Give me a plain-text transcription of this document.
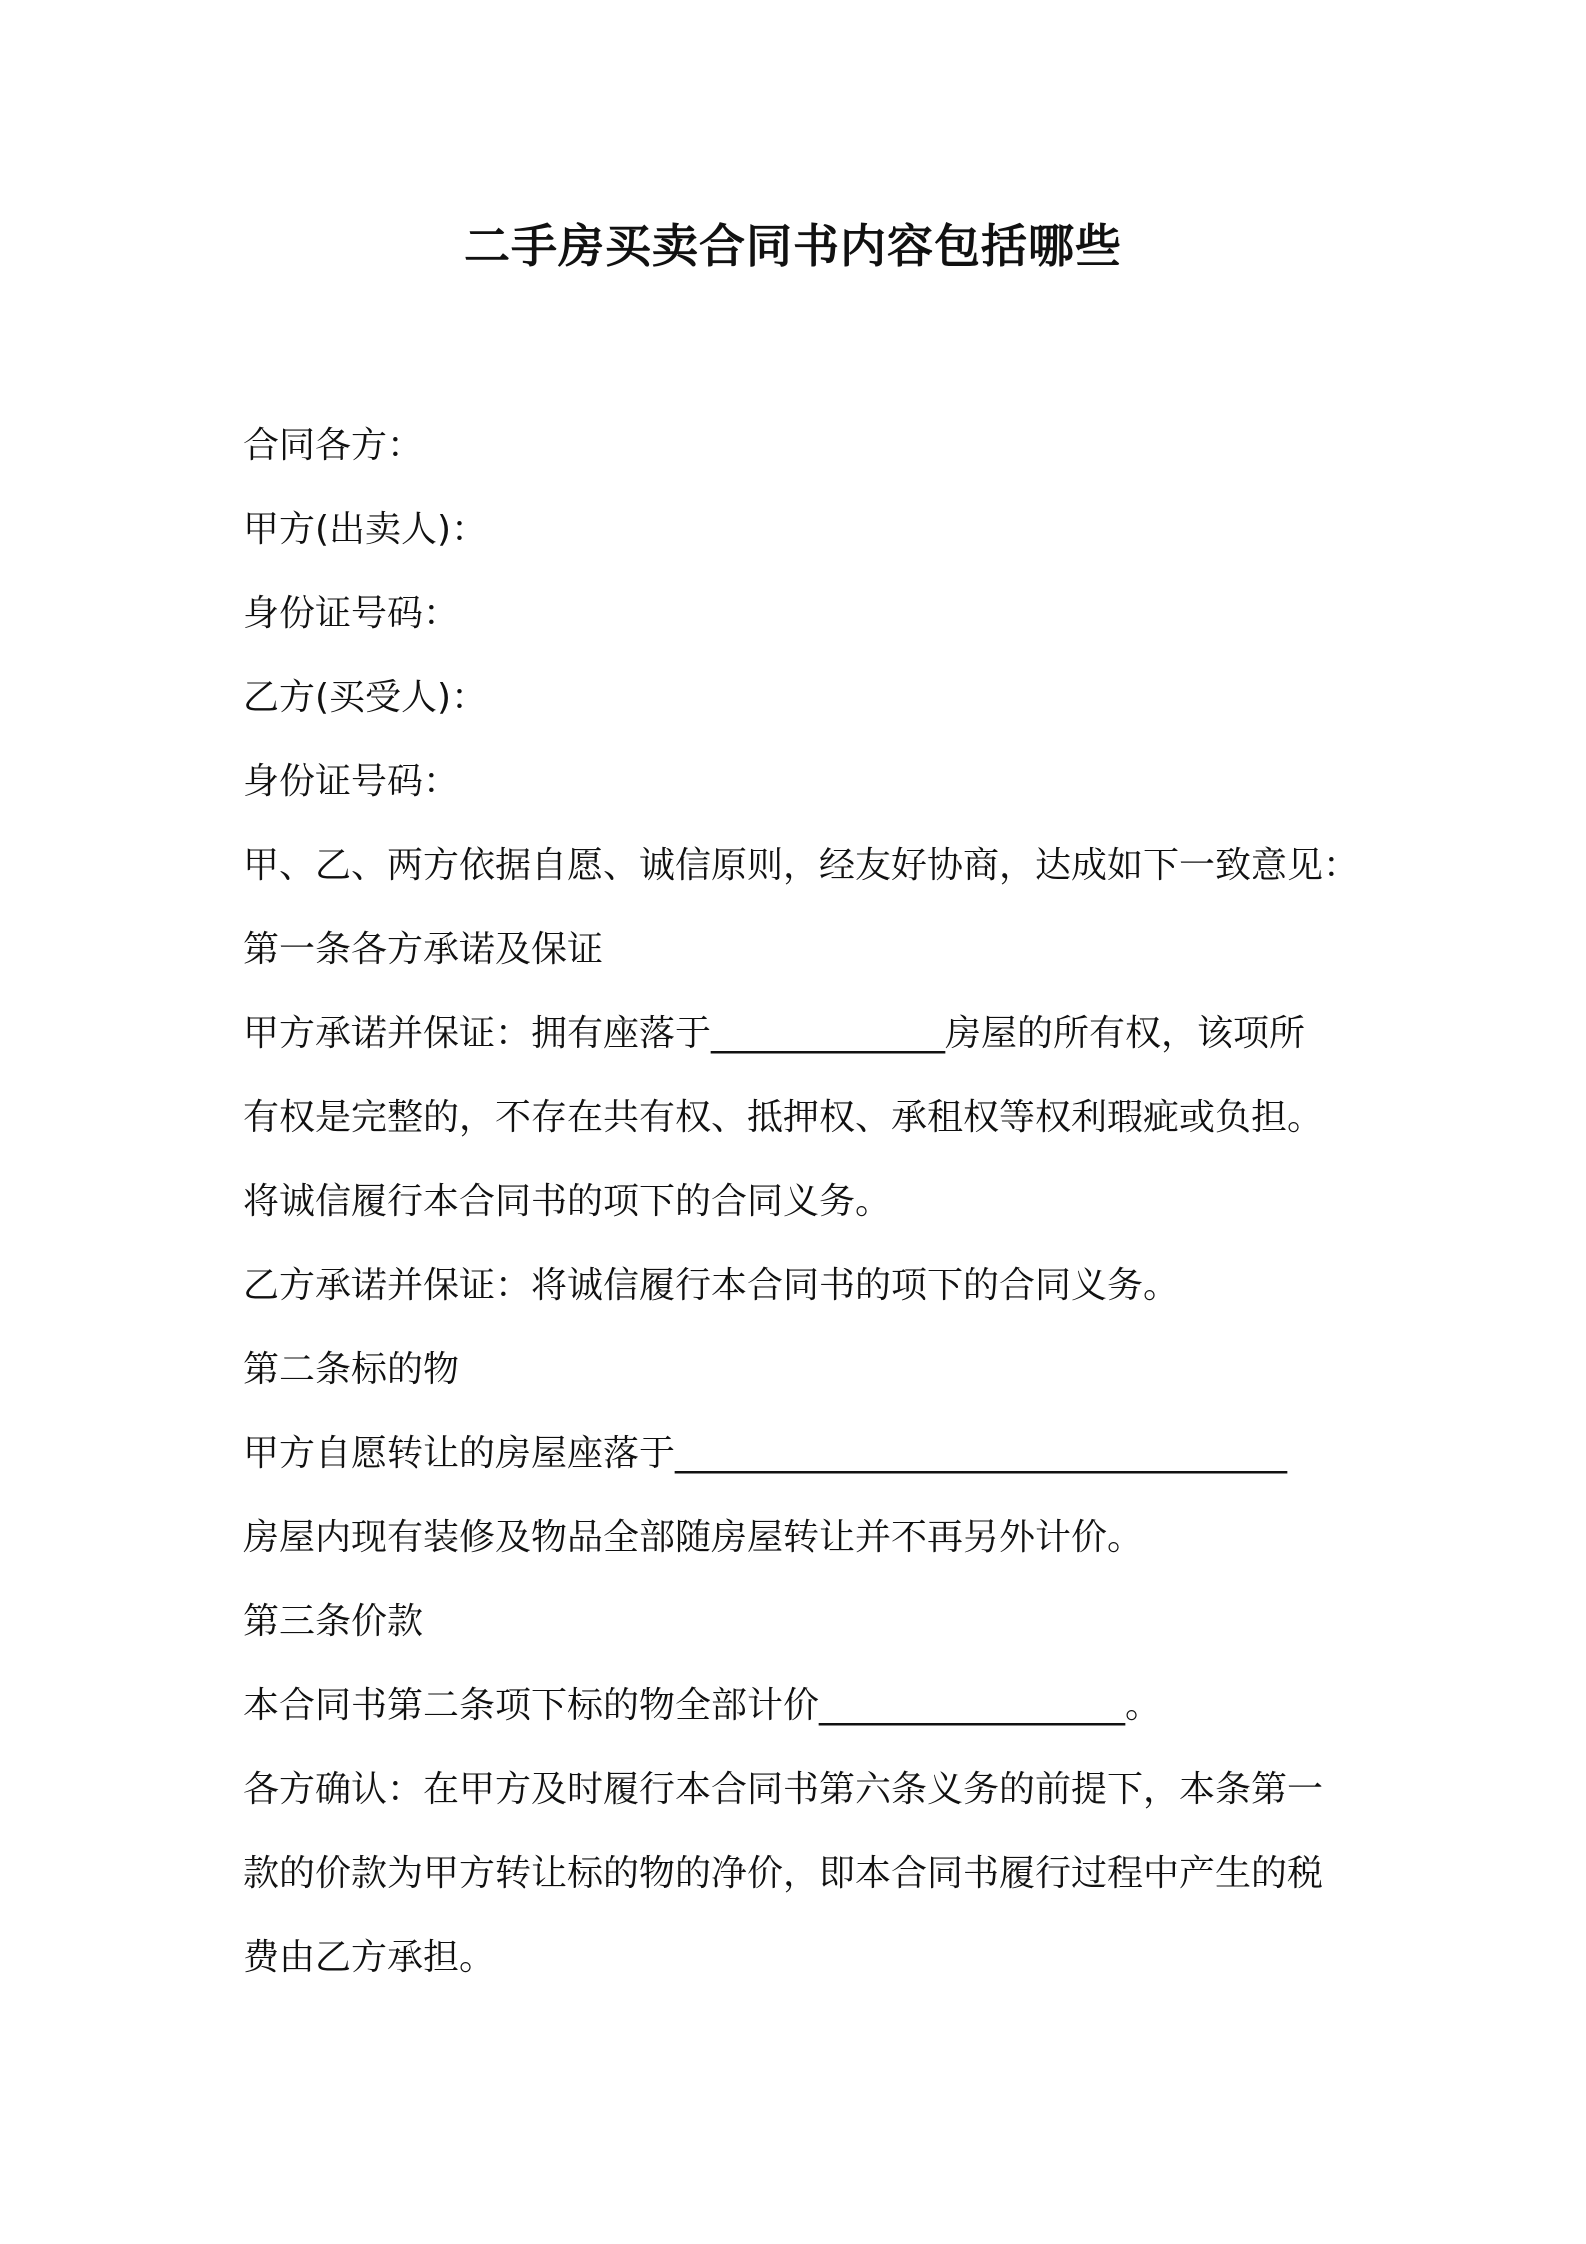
二手房买卖合同书内容包括哪些

合同各方：

甲方(出卖人)：

身份证号码：

乙方(买受人)：

身份证号码：

甲、乙、两方依据自愿、诚信原则，经友好协商，达成如下一致意见：

第一条各方承诺及保证

甲方承诺并保证：拥有座落于_____________房屋的所有权，该项所

有权是完整的，不存在共有权、抵押权、承租权等权利瑕疵或负担。

将诚信履行本合同书的项下的合同义务。

乙方承诺并保证：将诚信履行本合同书的项下的合同义务。

第二条标的物

甲方自愿转让的房屋座落于__________________________________

房屋内现有装修及物品全部随房屋转让并不再另外计价。

第三条价款

本合同书第二条项下标的物全部计价_________________。

各方确认：在甲方及时履行本合同书第六条义务的前提下，本条第一

款的价款为甲方转让标的物的净价，即本合同书履行过程中产生的税

费由乙方承担。
